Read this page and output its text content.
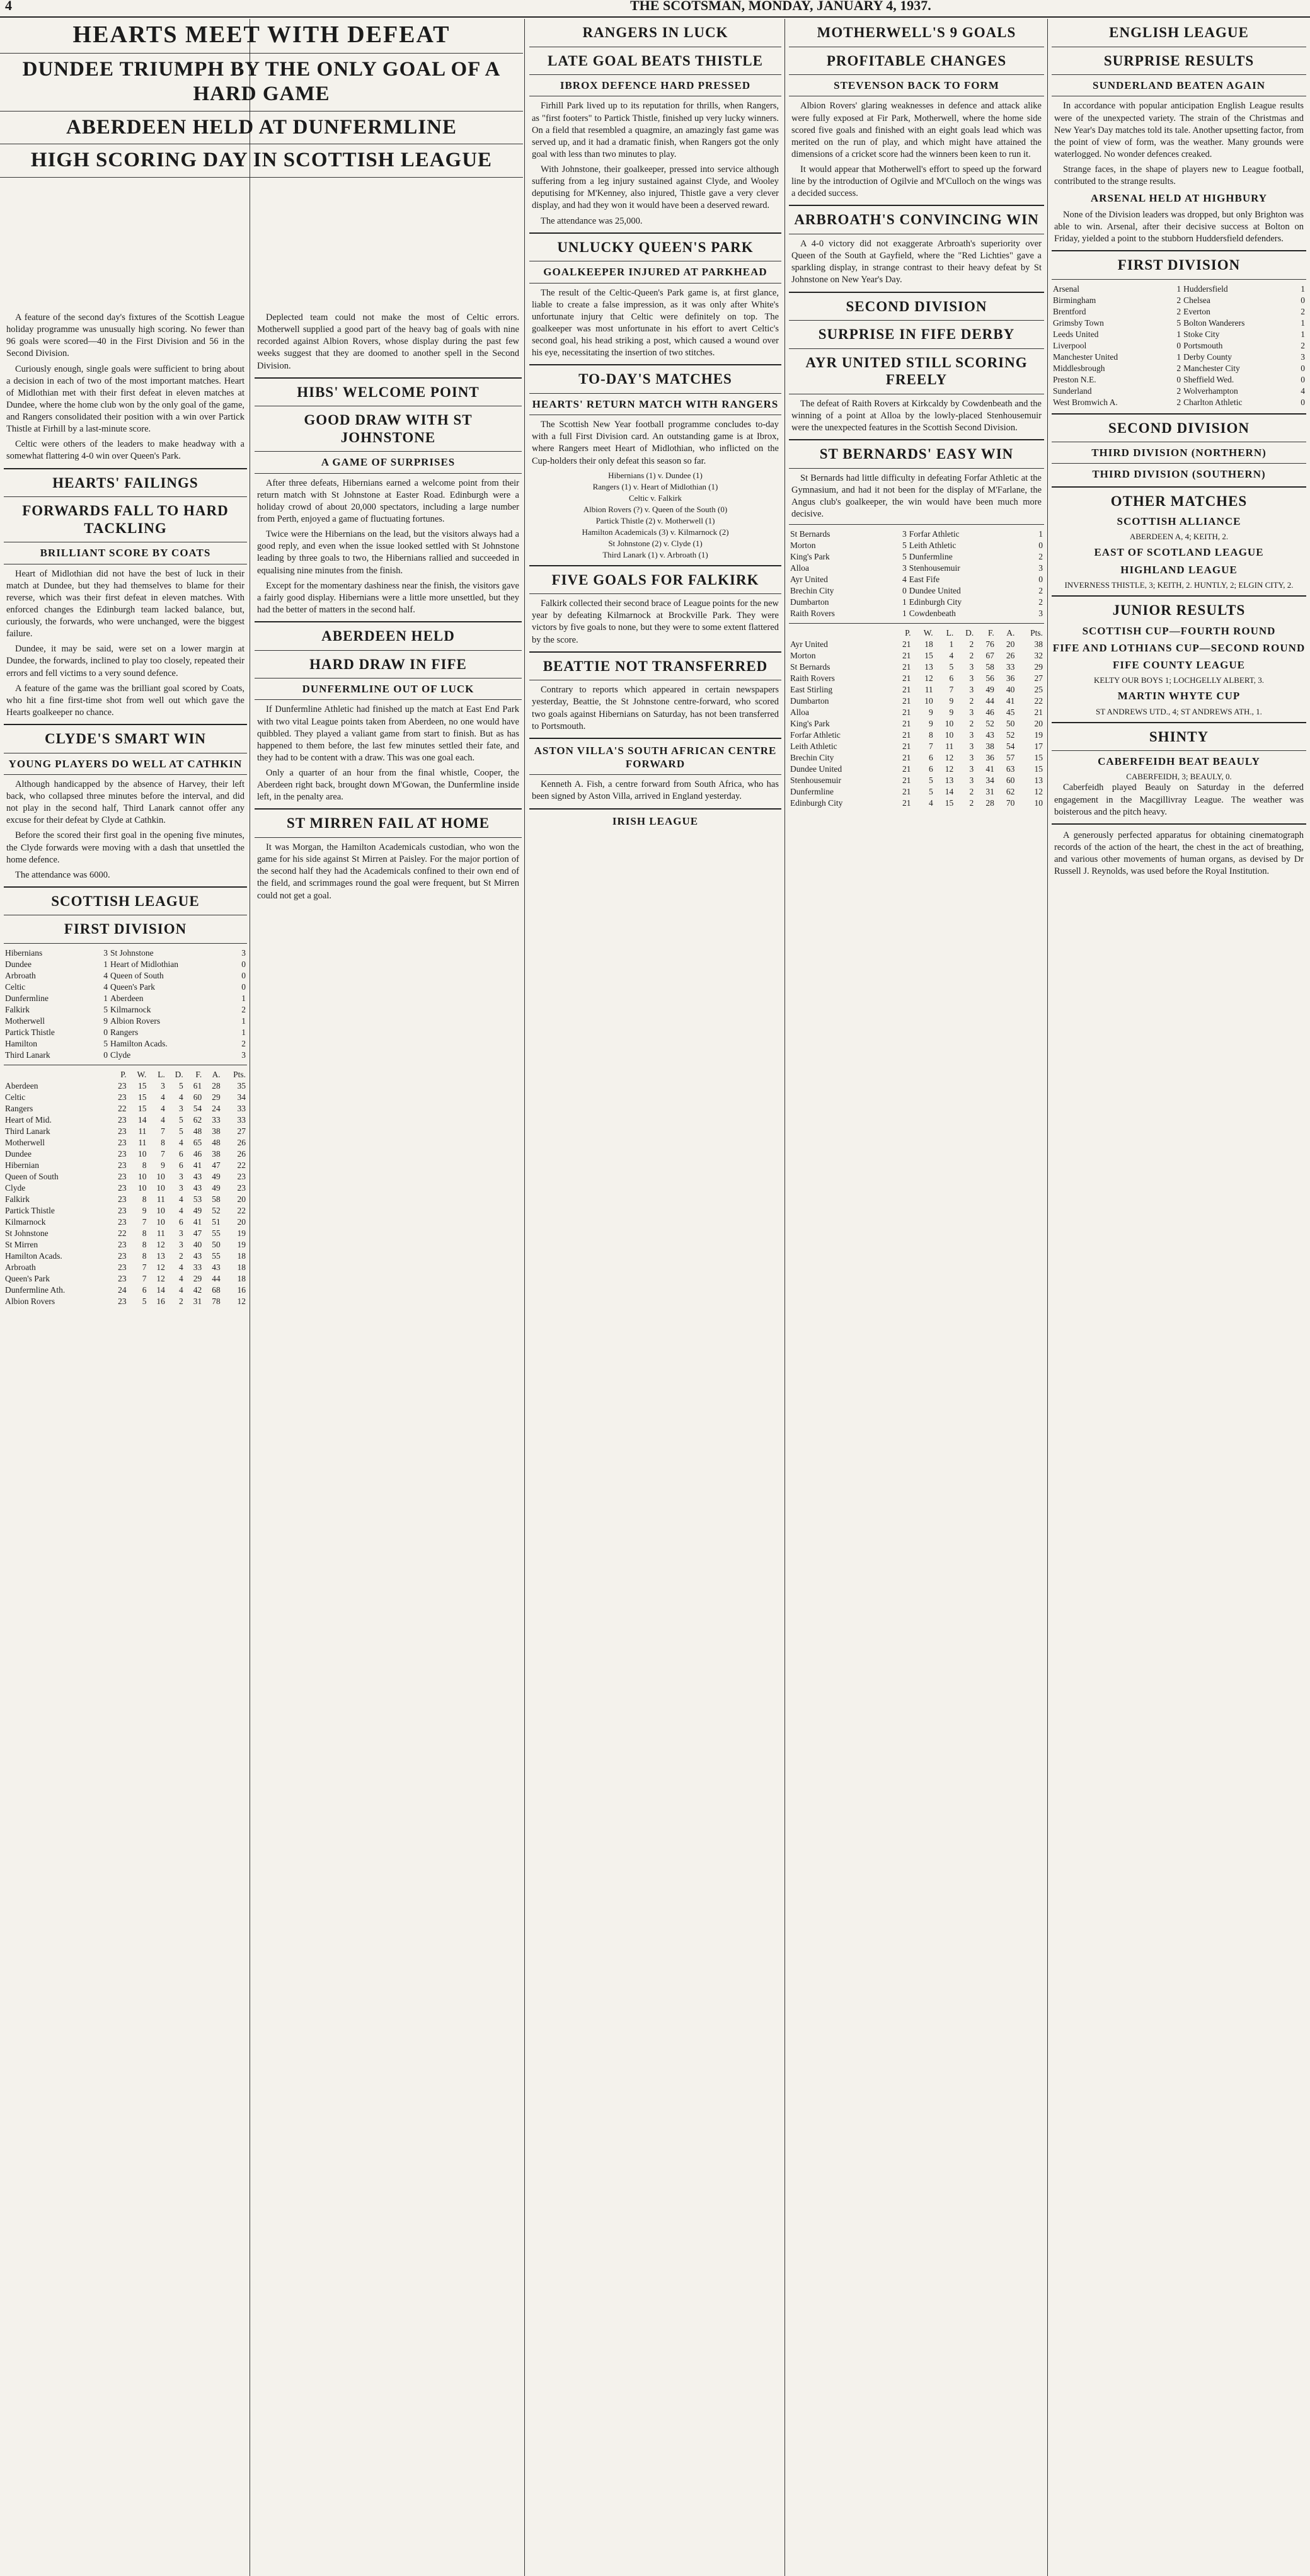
4	THE SCOTSMAN, MONDAY, JANUARY 4, 1937.
HEARTS MEET WITH DEFEAT
DUNDEE TRIUMPH BY THE ONLY GOAL OF A HARD GAME
ABERDEEN HELD AT DUNFERMLINE
HIGH SCORING DAY IN SCOTTISH LEAGUE

A feature of the second day's fixtures of the Scottish League holiday programme was unusually high scoring. No fewer than 96 goals were scored—40 in the First Division and 56 in the Second Division.

Curiously enough, single goals were sufficient to bring about a decision in each of two of the most important matches. Heart of Midlothian met with their first defeat in eleven matches at Dundee, where the home club won by the only goal of the game, and Rangers consolidated their position with a win over Partick Thistle at Firhill by a last-minute score.

Celtic were others of the leaders to make headway with a somewhat flattering 4-0 win over Queen's Park.

HEARTS' FAILINGS
FORWARDS FALL TO HARD TACKLING
BRILLIANT SCORE BY COATS

Heart of Midlothian did not have the best of luck in their match at Dundee, but they had themselves to blame for their reverse, which was their first defeat in eleven matches. With enforced changes the Edinburgh team lacked balance, but, curiously, the forwards, who were unchanged, were the biggest failure.

Dundee, it may be said, were set on a lower margin at Dundee, the forwards, inclined to play too closely, repeated their errors and fell victims to a very sound defence.

A feature of the game was the brilliant goal scored by Coats, who hit a fine first-time shot from well out which gave the Hearts goalkeeper no chance.

CLYDE'S SMART WIN
YOUNG PLAYERS DO WELL AT CATHKIN

Although handicapped by the absence of Harvey, their left back, who collapsed three minutes before the interval, and did not play in the second half, Third Lanark cannot offer any excuse for their defeat by Clyde at Cathkin.

Before the scored their first goal in the opening five minutes, the Clyde forwards were moving with a dash that unsettled the home defence.

The attendance was 6000.

SCOTTISH LEAGUE
FIRST DIVISION
Hibernians	3	St Johnstone	3
Dundee	1	Heart of Midlothian	0
Arbroath	4	Queen of South	0
Celtic	4	Queen's Park	0
Dunfermline	1	Aberdeen	1
Falkirk	5	Kilmarnock	2
Motherwell	9	Albion Rovers	1
Partick Thistle	0	Rangers	1
Hamilton	5	Hamilton Acads.	2
Third Lanark	0	Clyde	3
	P.	W.	L.	D.	F.	A.	Pts.
Aberdeen	23	15	3	5	61	28	35
Celtic	23	15	4	4	60	29	34
Rangers	22	15	4	3	54	24	33
Heart of Mid.	23	14	4	5	62	33	33
Third Lanark	23	11	7	5	48	38	27
Motherwell	23	11	8	4	65	48	26
Dundee	23	10	7	6	46	38	26
Hibernian	23	8	9	6	41	47	22
Queen of South	23	10	10	3	43	49	23
Clyde	23	10	10	3	43	49	23
Falkirk	23	8	11	4	53	58	20
Partick Thistle	23	9	10	4	49	52	22
Kilmarnock	23	7	10	6	41	51	20
St Johnstone	22	8	11	3	47	55	19
St Mirren	23	8	12	3	40	50	19
Hamilton Acads.	23	8	13	2	43	55	18
Arbroath	23	7	12	4	33	43	18
Queen's Park	23	7	12	4	29	44	18
Dunfermline Ath.	24	6	14	4	42	68	16
Albion Rovers	23	5	16	2	31	78	12

Deplected team could not make the most of Celtic errors. Motherwell supplied a good part of the heavy bag of goals with nine recorded against Albion Rovers, whose display during the past few weeks suggest that they are doomed to another spell in the Second Division.

HIBS' WELCOME POINT
GOOD DRAW WITH ST JOHNSTONE
A GAME OF SURPRISES

After three defeats, Hibernians earned a welcome point from their return match with St Johnstone at Easter Road. Edinburgh were a holiday crowd of about 20,000 spectators, including a large number from Perth, enjoyed a game of fluctuating fortunes.

Twice were the Hibernians on the lead, but the visitors always had a good reply, and even when the issue looked settled with St Johnstone leading by three goals to two, the Hibernians rallied and succeeded in equalising nine minutes from the finish.

Except for the momentary dashiness near the finish, the visitors gave a fairly good display. Hibernians were a little more unsettled, but they had the better of matters in the second half.

ABERDEEN HELD
HARD DRAW IN FIFE
DUNFERMLINE OUT OF LUCK

If Dunfermline Athletic had finished up the match at East End Park with two vital League points taken from Aberdeen, no one would have quibbled. They played a valiant game from start to finish. But as has happened to them before, the last few minutes settled their fate, and they had to be content with a draw. This was one goal each.

Only a quarter of an hour from the final whistle, Cooper, the Aberdeen right back, brought down M'Gowan, the Dunfermline inside left, in the penalty area.

ST MIRREN FAIL AT HOME

It was Morgan, the Hamilton Academicals custodian, who won the game for his side against St Mirren at Paisley. For the major portion of the second half they had the Academicals confined to their own end of the field, and scrimmages round the goal were frequent, but St Mirren could not get a goal.

RANGERS IN LUCK
LATE GOAL BEATS THISTLE
IBROX DEFENCE HARD PRESSED

Firhill Park lived up to its reputation for thrills, when Rangers, as "first footers" to Partick Thistle, finished up very lucky winners. On a field that resembled a quagmire, an amazingly fast game was served up, and it had a dramatic finish, when Rangers got the only goal with less than two minutes to play.

With Johnstone, their goalkeeper, pressed into service although suffering from a leg injury sustained against Clyde, and Wooley deputising for M'Kenney, also injured, Thistle gave a very clever display, and had they won it would have been a deserved reward.

The attendance was 25,000.

UNLUCKY QUEEN'S PARK
GOALKEEPER INJURED AT PARKHEAD

The result of the Celtic-Queen's Park game is, at first glance, liable to create a false impression, as it was only after White's unfortunate injury that Celtic were definitely on top. The goalkeeper was most unfortunate in his effort to avert Celtic's second goal, his head striking a post, which caused a wound over his eye, necessitating the insertion of two stitches.

TO-DAY'S MATCHES
HEARTS' RETURN MATCH WITH RANGERS

The Scottish New Year football programme concludes to-day with a full First Division card. An outstanding game is at Ibrox, where Rangers meet Heart of Midlothian, who inflicted on the Cup-holders their only defeat this season so far.

Hibernians (1) v. Dundee (1)
Rangers (1) v. Heart of Midlothian (1)
Celtic v. Falkirk
Albion Rovers (?) v. Queen of the South (0)
Partick Thistle (2) v. Motherwell (1)
Hamilton Academicals (3) v. Kilmarnock (2)
St Johnstone (2) v. Clyde (1)
Third Lanark (1) v. Arbroath (1)
FIVE GOALS FOR FALKIRK

Falkirk collected their second brace of League points for the new year by defeating Kilmarnock at Brockville Park. They were victors by five goals to none, but they were to some extent flattered by the score.

BEATTIE NOT TRANSFERRED

Contrary to reports which appeared in certain newspapers yesterday, Beattie, the St Johnstone centre-forward, who scored two goals against Hibernians on Saturday, has not been transferred to Portsmouth.

ASTON VILLA'S SOUTH AFRICAN CENTRE FORWARD

Kenneth A. Fish, a centre forward from South Africa, who has been signed by Aston Villa, arrived in England yesterday.

IRISH LEAGUE
MOTHERWELL'S 9 GOALS
PROFITABLE CHANGES
STEVENSON BACK TO FORM

Albion Rovers' glaring weaknesses in defence and attack alike were fully exposed at Fir Park, Motherwell, where the home side scored five goals and finished with an eight goals lead which was merited on the run of play, and which might have attained the dimensions of a cricket score had the winners been keen to run it.

It would appear that Motherwell's effort to speed up the forward line by the introduction of Ogilvie and M'Culloch on the wings was a decided success.

ARBROATH'S CONVINCING WIN

A 4-0 victory did not exaggerate Arbroath's superiority over Queen of the South at Gayfield, where the "Red Lichties" gave a sparkling display, in strange contrast to their heavy defeat by St Johnstone on New Year's Day.

SECOND DIVISION
SURPRISE IN FIFE DERBY
AYR UNITED STILL SCORING FREELY

The defeat of Raith Rovers at Kirkcaldy by Cowdenbeath and the winning of a point at Alloa by the lowly-placed Stenhousemuir were the unexpected features in the Scottish Second Division.

ST BERNARDS' EASY WIN

St Bernards had little difficulty in defeating Forfar Athletic at the Gymnasium, and had it not been for the display of M'Farlane, the Angus club's goalkeeper, the win would have been much more decisive.

St Bernards	3	Forfar Athletic	1
Morton	5	Leith Athletic	0
King's Park	5	Dunfermline	2
Alloa	3	Stenhousemuir	3
Ayr United	4	East Fife	0
Brechin City	0	Dundee United	2
Dumbarton	1	Edinburgh City	2
Raith Rovers	1	Cowdenbeath	3
	P.	W.	L.	D.	F.	A.	Pts.
Ayr United	21	18	1	2	76	20	38
Morton	21	15	4	2	67	26	32
St Bernards	21	13	5	3	58	33	29
Raith Rovers	21	12	6	3	56	36	27
East Stirling	21	11	7	3	49	40	25
Dumbarton	21	10	9	2	44	41	22
Alloa	21	9	9	3	46	45	21
King's Park	21	9	10	2	52	50	20
Forfar Athletic	21	8	10	3	43	52	19
Leith Athletic	21	7	11	3	38	54	17
Brechin City	21	6	12	3	36	57	15
Dundee United	21	6	12	3	41	63	15
Stenhousemuir	21	5	13	3	34	60	13
Dunfermline	21	5	14	2	31	62	12
Edinburgh City	21	4	15	2	28	70	10
ENGLISH LEAGUE
SURPRISE RESULTS
SUNDERLAND BEATEN AGAIN

In accordance with popular anticipation English League results were of the unexpected variety. The strain of the Christmas and New Year's Day matches told its tale. Another upsetting factor, from the point of view of form, was the weather. Many grounds were waterlogged. No wonder defences creaked.

Strange faces, in the shape of players new to League football, contributed to the strange results.

ARSENAL HELD AT HIGHBURY

None of the Division leaders was dropped, but only Brighton was able to win. Arsenal, after their decisive success at Bolton on Friday, yielded a point to the stubborn Huddersfield defenders.

FIRST DIVISION
Arsenal	1	Huddersfield	1
Birmingham	2	Chelsea	0
Brentford	2	Everton	2
Grimsby Town	5	Bolton Wanderers	1
Leeds United	1	Stoke City	1
Liverpool	0	Portsmouth	2
Manchester United	1	Derby County	3
Middlesbrough	2	Manchester City	0
Preston N.E.	0	Sheffield Wed.	0
Sunderland	2	Wolverhampton	4
West Bromwich A.	2	Charlton Athletic	0
SECOND DIVISION
THIRD DIVISION (NORTHERN)
THIRD DIVISION (SOUTHERN)
OTHER MATCHES
SCOTTISH ALLIANCE
ABERDEEN A, 4; KEITH, 2.
EAST OF SCOTLAND LEAGUE
HIGHLAND LEAGUE
INVERNESS THISTLE, 3; KEITH, 2. HUNTLY, 2; ELGIN CITY, 2.
JUNIOR RESULTS
SCOTTISH CUP—FOURTH ROUND
FIFE AND LOTHIANS CUP—SECOND ROUND
FIFE COUNTY LEAGUE
KELTY OUR BOYS 1; LOCHGELLY ALBERT, 3.
MARTIN WHYTE CUP
ST ANDREWS UTD., 4; ST ANDREWS ATH., 1.
SHINTY
CABERFEIDH BEAT BEAULY
CABERFEIDH, 3; BEAULY, 0.

Caberfeidh played Beauly on Saturday in the deferred engagement in the Macgillivray League. The weather was boisterous and the pitch heavy.

A generously perfected apparatus for obtaining cinematograph records of the action of the heart, the chest in the act of breathing, and various other movements of human organs, as devised by Dr Russell J. Reynolds, was used before the Royal Institution.
